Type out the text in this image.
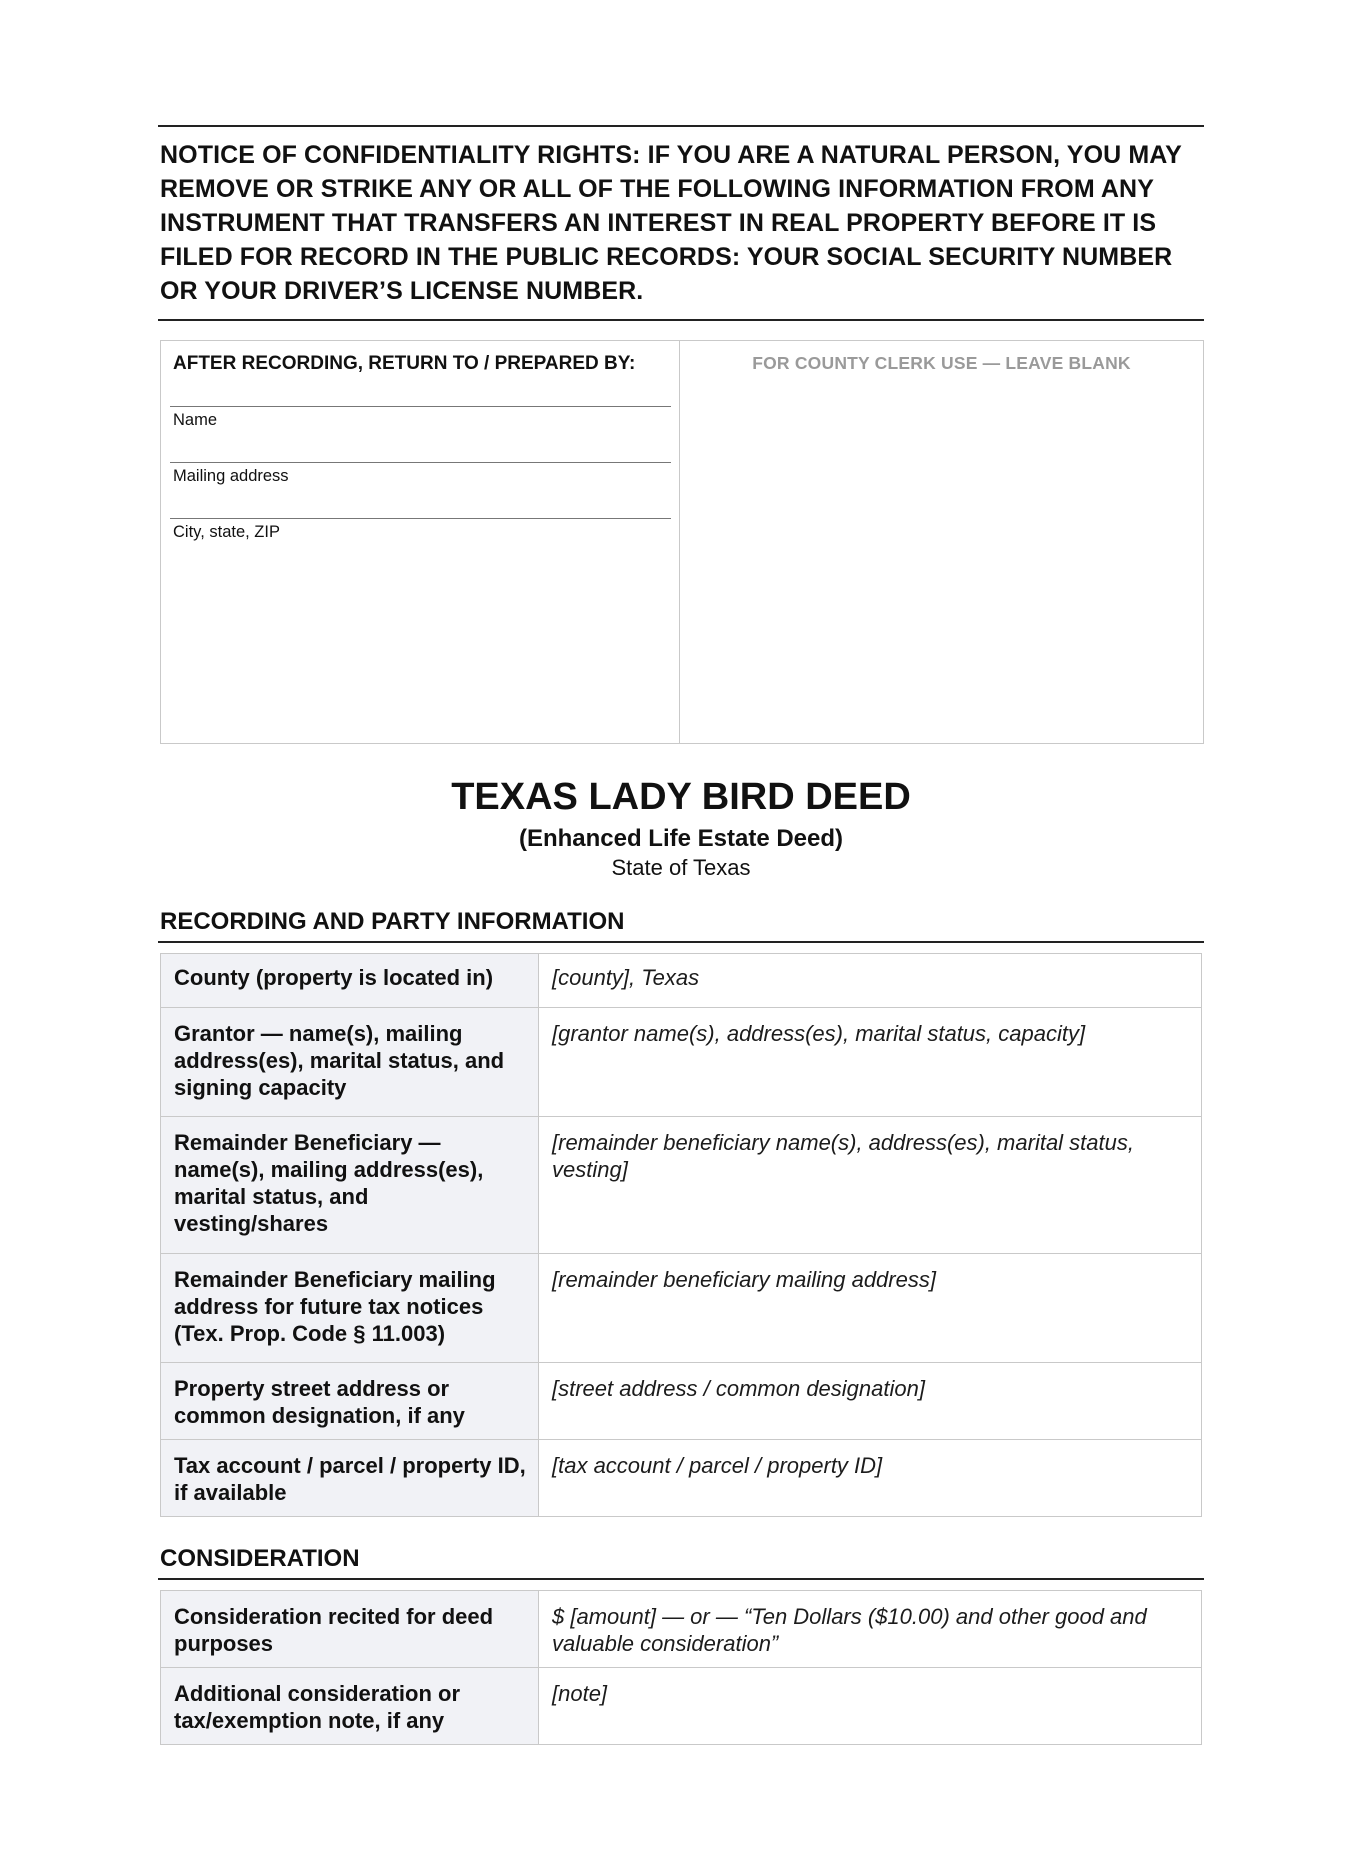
NOTICE OF CONFIDENTIALITY RIGHTS: IF YOU ARE A NATURAL PERSON, YOU MAY REMOVE OR STRIKE ANY OR ALL OF THE FOLLOWING INFORMATION FROM ANY INSTRUMENT THAT TRANSFERS AN INTEREST IN REAL PROPERTY BEFORE IT IS FILED FOR RECORD IN THE PUBLIC RECORDS: YOUR SOCIAL SECURITY NUMBER OR YOUR DRIVER’S LICENSE NUMBER.
AFTER RECORDING, RETURN TO / PREPARED BY:
Name
Mailing address
City, state, ZIP
FOR COUNTY CLERK USE — LEAVE BLANK
TEXAS LADY BIRD DEED
(Enhanced Life Estate Deed)
State of Texas
RECORDING AND PARTY INFORMATION
County (property is located in)	[county], Texas
Grantor — name(s), mailing address(es), marital status, and signing capacity	[grantor name(s), address(es), marital status, capacity]
Remainder Beneficiary — name(s), mailing address(es), marital status, and vesting/shares	[remainder beneficiary name(s), address(es), marital status, vesting]
Remainder Beneficiary mailing address for future tax notices (Tex. Prop. Code § 11.003)	[remainder beneficiary mailing address]
Property street address or common designation, if any	[street address / common designation]
Tax account / parcel / property ID, if available	[tax account / parcel / property ID]
CONSIDERATION
Consideration recited for deed purposes	$ [amount] — or — “Ten Dollars ($10.00) and other good and valuable consideration”
Additional consideration or tax/exemption note, if any	[note]
